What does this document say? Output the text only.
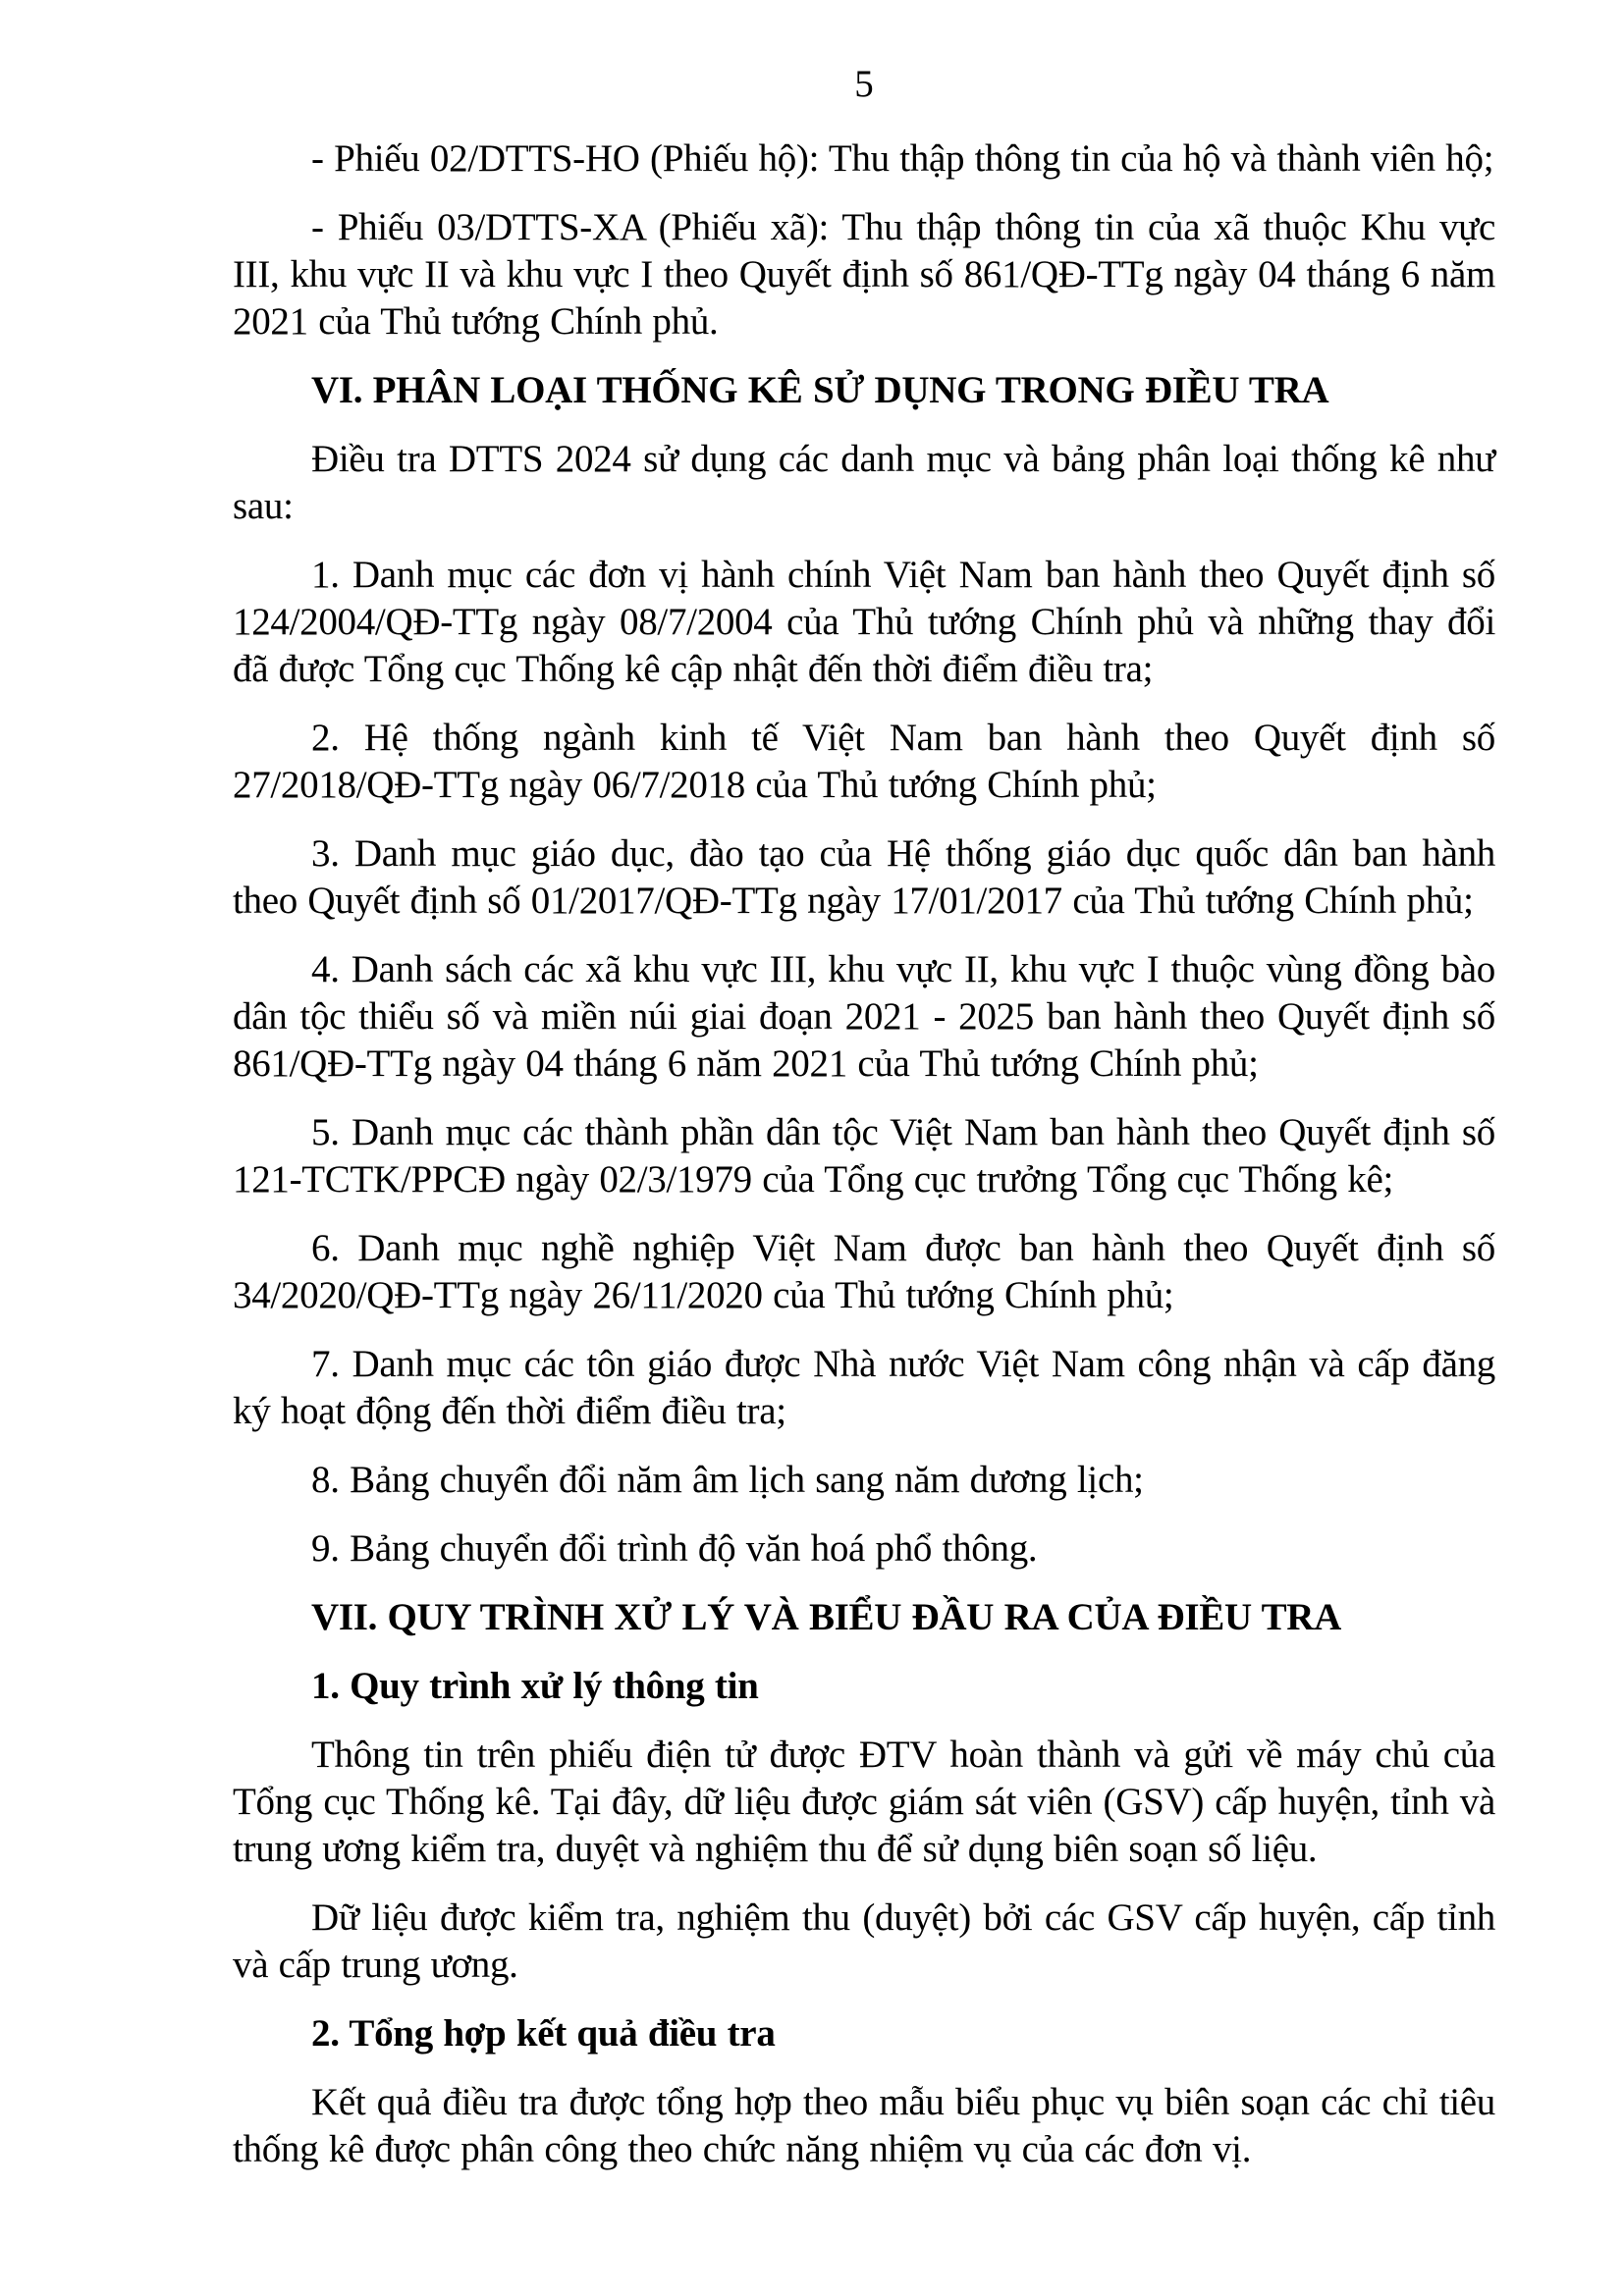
5

- Phiếu 02/DTTS-HO (Phiếu hộ): Thu thập thông tin của hộ và thành viên hộ;

- Phiếu 03/DTTS-XA (Phiếu xã): Thu thập thông tin của xã thuộc Khu vực III, khu vực II và khu vực I theo Quyết định số 861/QĐ-TTg ngày 04 tháng 6 năm 2021 của Thủ tướng Chính phủ.

VI. PHÂN LOẠI THỐNG KÊ SỬ DỤNG TRONG ĐIỀU TRA

Điều tra DTTS 2024 sử dụng các danh mục và bảng phân loại thống kê như sau:

1. Danh mục các đơn vị hành chính Việt Nam ban hành theo Quyết định số 124/2004/QĐ-TTg ngày 08/7/2004 của Thủ tướng Chính phủ và những thay đổi đã được Tổng cục Thống kê cập nhật đến thời điểm điều tra;

2. Hệ thống ngành kinh tế Việt Nam ban hành theo Quyết định số 27/2018/QĐ-TTg ngày 06/7/2018 của Thủ tướng Chính phủ;

3. Danh mục giáo dục, đào tạo của Hệ thống giáo dục quốc dân ban hành theo Quyết định số 01/2017/QĐ-TTg ngày 17/01/2017 của Thủ tướng Chính phủ;

4. Danh sách các xã khu vực III, khu vực II, khu vực I thuộc vùng đồng bào dân tộc thiểu số và miền núi giai đoạn 2021 - 2025 ban hành theo Quyết định số 861/QĐ-TTg ngày 04 tháng 6 năm 2021 của Thủ tướng Chính phủ;

5. Danh mục các thành phần dân tộc Việt Nam ban hành theo Quyết định số 121-TCTK/PPCĐ ngày 02/3/1979 của Tổng cục trưởng Tổng cục Thống kê;

6. Danh mục nghề nghiệp Việt Nam được ban hành theo Quyết định số 34/2020/QĐ-TTg ngày 26/11/2020 của Thủ tướng Chính phủ;

7. Danh mục các tôn giáo được Nhà nước Việt Nam công nhận và cấp đăng ký hoạt động đến thời điểm điều tra;

8. Bảng chuyển đổi năm âm lịch sang năm dương lịch;

9. Bảng chuyển đổi trình độ văn hoá phổ thông.

VII. QUY TRÌNH XỬ LÝ VÀ BIỂU ĐẦU RA CỦA ĐIỀU TRA

1. Quy trình xử lý thông tin

Thông tin trên phiếu điện tử được ĐTV hoàn thành và gửi về máy chủ của Tổng cục Thống kê. Tại đây, dữ liệu được giám sát viên (GSV) cấp huyện, tỉnh và trung ương kiểm tra, duyệt và nghiệm thu để sử dụng biên soạn số liệu.

Dữ liệu được kiểm tra, nghiệm thu (duyệt) bởi các GSV cấp huyện, cấp tỉnh và cấp trung ương.

2. Tổng hợp kết quả điều tra

Kết quả điều tra được tổng hợp theo mẫu biểu phục vụ biên soạn các chỉ tiêu thống kê được phân công theo chức năng nhiệm vụ của các đơn vị.
